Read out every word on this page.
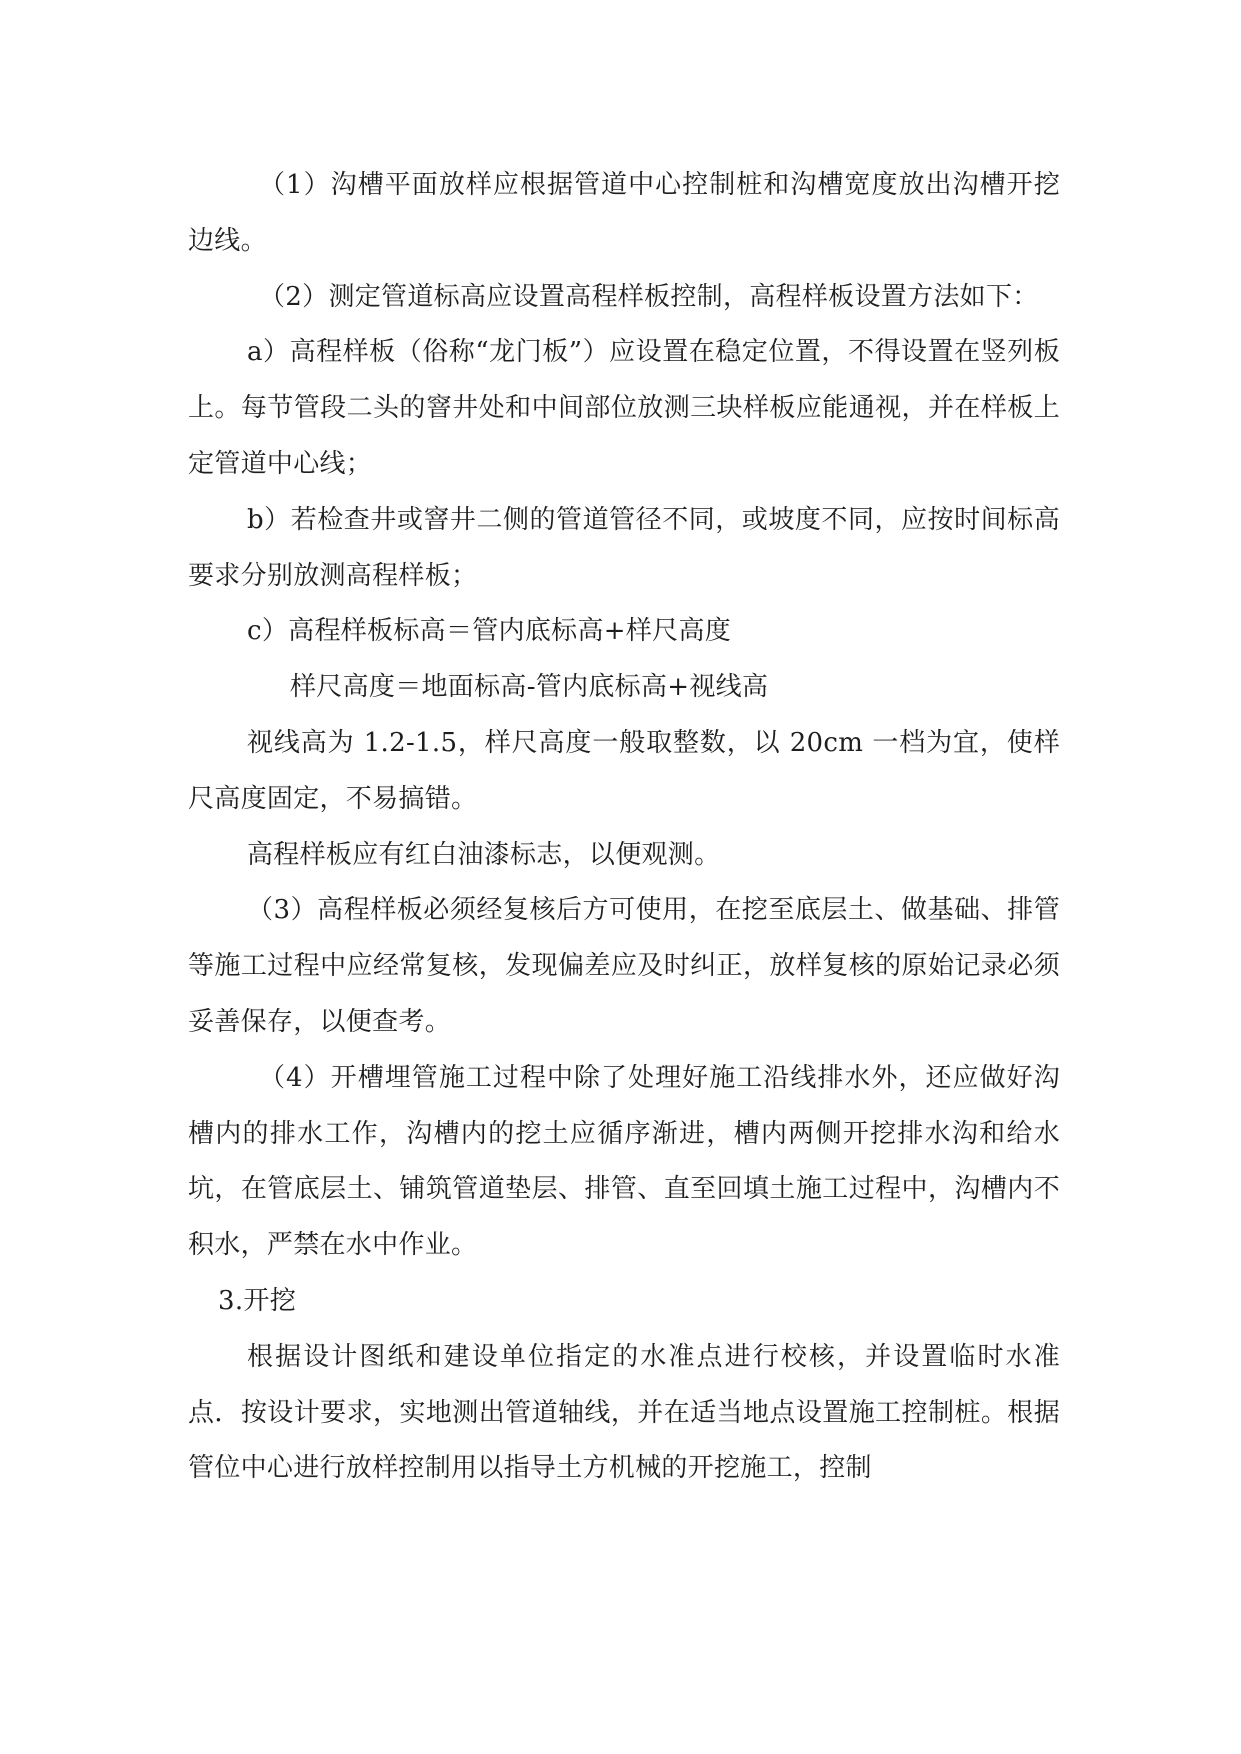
（1）沟槽平面放样应根据管道中心控制桩和沟槽宽度放出沟槽开挖边线。

（2）测定管道标高应设置高程样板控制，高程样板设置方法如下：

a）高程样板（俗称“龙门板”）应设置在稳定位置，不得设置在竖列板上。每节管段二头的窨井处和中间部位放测三块样板应能通视，并在样板上定管道中心线；

b）若检查井或窨井二侧的管道管径不同，或坡度不同，应按时间标高要求分别放测高程样板；

c）高程样板标高＝管内底标高+样尺高度

样尺高度＝地面标高-管内底标高+视线高

视线高为 1.2-1.5，样尺高度一般取整数，以 20cm 一档为宜，使样尺高度固定，不易搞错。

高程样板应有红白油漆标志，以便观测。

（3）高程样板必须经复核后方可使用，在挖至底层土、做基础、排管等施工过程中应经常复核，发现偏差应及时纠正，放样复核的原始记录必须妥善保存，以便查考。

（4）开槽埋管施工过程中除了处理好施工沿线排水外，还应做好沟槽内的排水工作，沟槽内的挖土应循序渐进，槽内两侧开挖排水沟和给水坑，在管底层土、铺筑管道垫层、排管、直至回填土施工过程中，沟槽内不积水，严禁在水中作业。

3.开挖

根据设计图纸和建设单位指定的水准点进行校核，并设置临时水准点．按设计要求，实地测出管道轴线，并在适当地点设置施工控制桩。根据管位中心进行放样控制用以指导土方机械的开挖施工，控制
